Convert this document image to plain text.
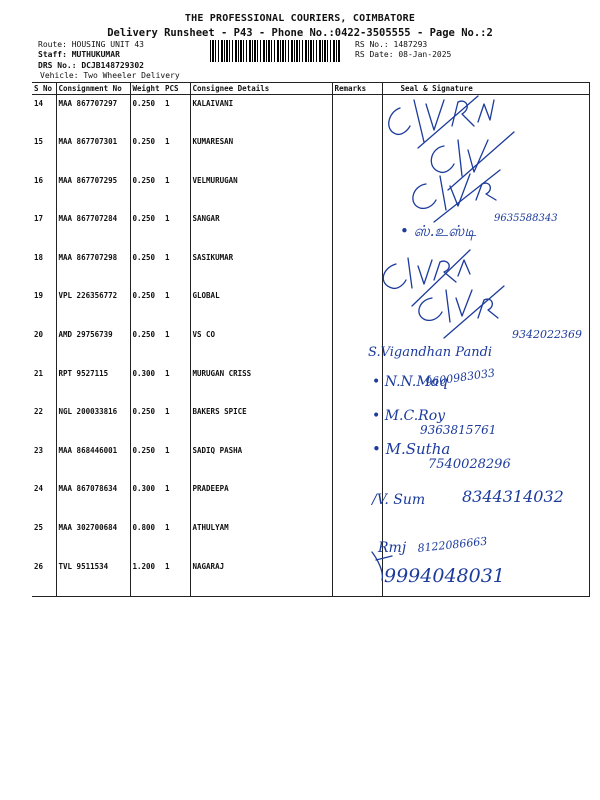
THE PROFESSIONAL COURIERS, COIMBATORE
Delivery Runsheet - P43 - Phone No.:0422-3505555 - Page No.:2
Route: HOUSING UNIT 43
Staff: MUTHUKUMAR
DRS No.: DCJB148729302
Vehicle: Two Wheeler Delivery
RS No.: 1487293
RS Date: 08-Jan-2025
S No	Consignment No	Weight	PCS	Consignee Details	Remarks	Seal & Signature
14	MAA 867707297	0.250	1	KALAIVANI		
15	MAA 867707301	0.250	1	KUMARESAN		
16	MAA 867707295	0.250	1	VELMURUGAN		
17	MAA 867707284	0.250	1	SANGAR		
18	MAA 867707298	0.250	1	SASIKUMAR		
19	VPL 226356772	0.250	1	GLOBAL		
20	AMD 29756739	0.250	1	VS CO		
21	RPT 9527115	0.300	1	MURUGAN CRISS		
22	NGL 200033816	0.250	1	BAKERS SPICE		
23	MAA 868446001	0.250	1	SADIQ PASHA		
24	MAA 867078634	0.300	1	PRADEEPA		
25	MAA 302700684	0.800	1	ATHULYAM		
26	TVL 9511534	1.200	1	NAGARAJ		
• ஸ்.உஸ்டி
9635588343
S.Vigandhan Pandi
9342022369
• N.N.Maq
9600983033
• M.C.Roy
9363815761
• M.Sutha
7540028296
/V. Sum 8344314032
Rmj 8122086663
9994048031
